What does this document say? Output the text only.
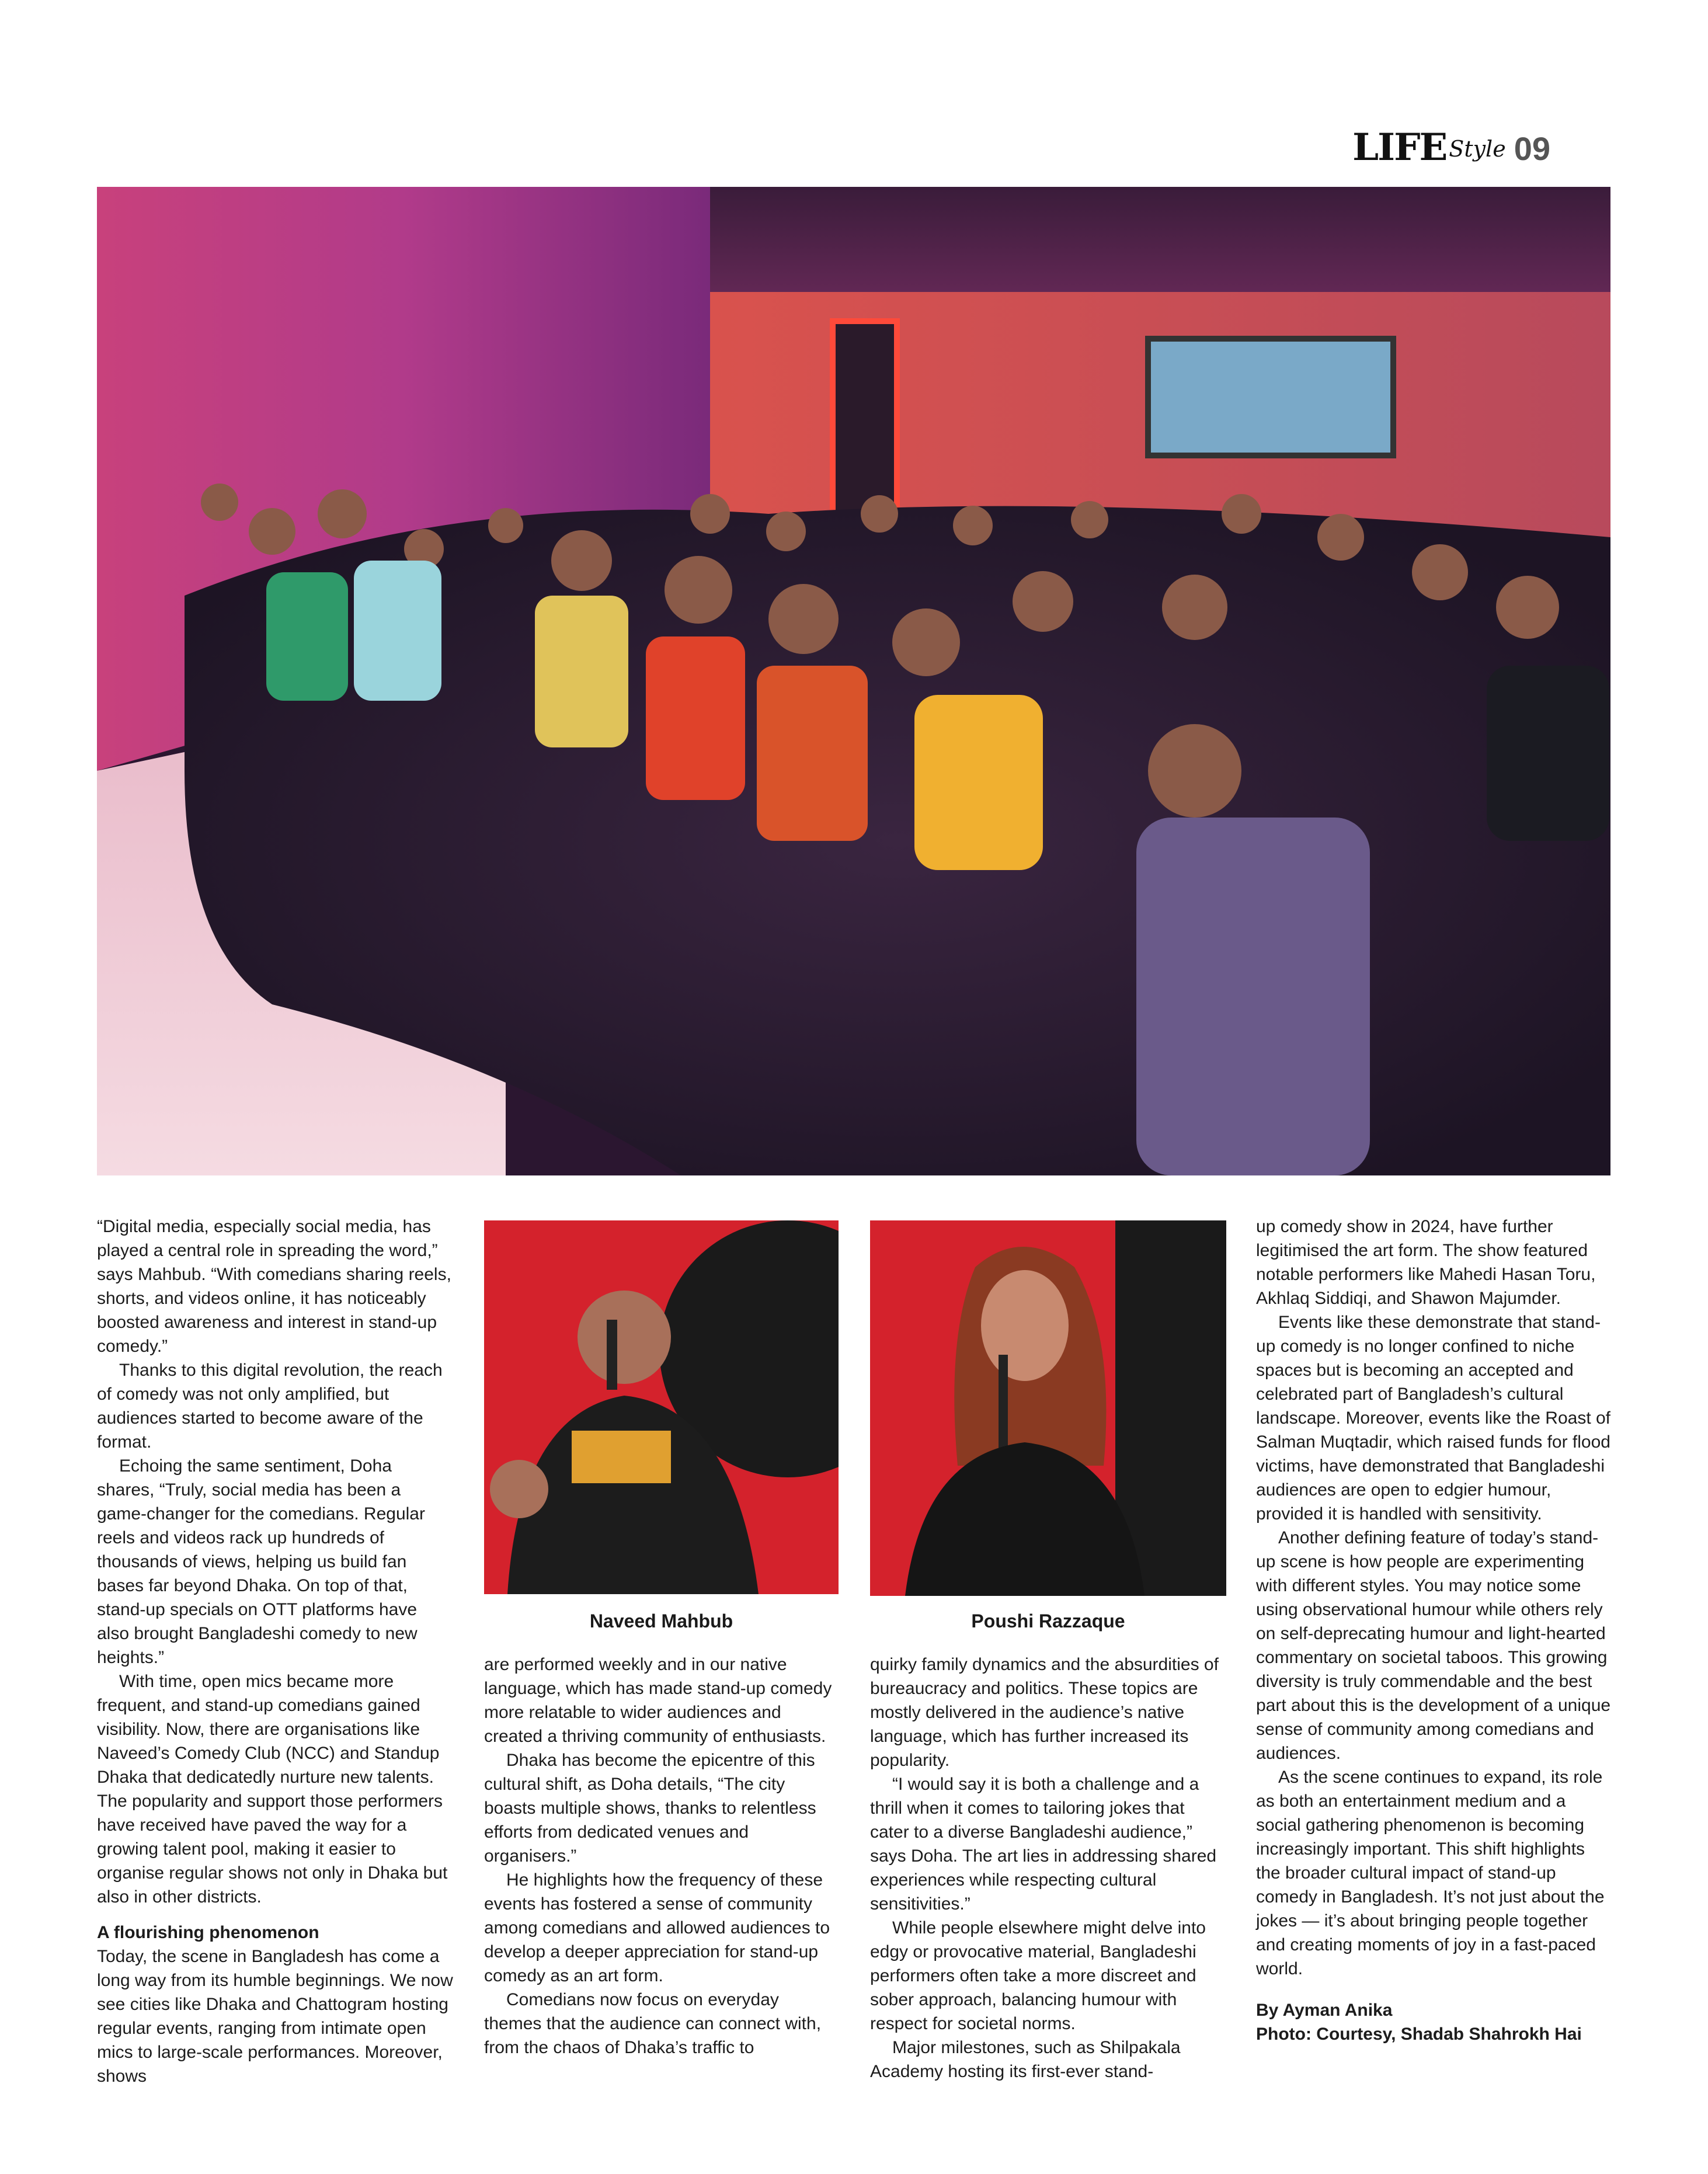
LIFE Style 09

“Digital media, especially social media, has played a central role in spreading the word,” says Mahbub. “With comedians sharing reels, shorts, and videos online, it has noticeably boosted awareness and interest in stand-up comedy.”

Thanks to this digital revolution, the reach of comedy was not only amplified, but audiences started to become aware of the format.

Echoing the same sentiment, Doha shares, “Truly, social media has been a game-changer for the comedians. Regular reels and videos rack up hundreds of thousands of views, helping us build fan bases far beyond Dhaka. On top of that, stand-up specials on OTT platforms have also brought Bangladeshi comedy to new heights.”

With time, open mics became more frequent, and stand-up comedians gained visibility. Now, there are organisations like Naveed’s Comedy Club (NCC) and Standup Dhaka that dedicatedly nurture new talents. The popularity and support those performers have received have paved the way for a growing talent pool, making it easier to organise regular shows not only in Dhaka but also in other districts.

A flourishing phenomenon

Today, the scene in Bangladesh has come a long way from its humble beginnings. We now see cities like Dhaka and Chattogram hosting regular events, ranging from intimate open mics to large-scale performances. Moreover, shows

Naveed Mahbub	Poushi Razzaque

are performed weekly and in our native language, which has made stand-up comedy more relatable to wider audiences and created a thriving community of enthusiasts.

Dhaka has become the epicentre of this cultural shift, as Doha details, “The city boasts multiple shows, thanks to relentless efforts from dedicated venues and organisers.”

He highlights how the frequency of these events has fostered a sense of community among comedians and allowed audiences to develop a deeper appreciation for stand-up comedy as an art form.

Comedians now focus on everyday themes that the audience can connect with, from the chaos of Dhaka’s traffic to

quirky family dynamics and the absurdities of bureaucracy and politics. These topics are mostly delivered in the audience’s native language, which has further increased its popularity.

“I would say it is both a challenge and a thrill when it comes to tailoring jokes that cater to a diverse Bangladeshi audience,” says Doha. The art lies in addressing shared experiences while respecting cultural sensitivities.”

While people elsewhere might delve into edgy or provocative material, Bangladeshi performers often take a more discreet and sober approach, balancing humour with respect for societal norms.

Major milestones, such as Shilpakala Academy hosting its first-ever stand-

up comedy show in 2024, have further legitimised the art form. The show featured notable performers like Mahedi Hasan Toru, Akhlaq Siddiqi, and Shawon Majumder.

Events like these demonstrate that stand-up comedy is no longer confined to niche spaces but is becoming an accepted and celebrated part of Bangladesh’s cultural landscape. Moreover, events like the Roast of Salman Muqtadir, which raised funds for flood victims, have demonstrated that Bangladeshi audiences are open to edgier humour, provided it is handled with sensitivity.

Another defining feature of today’s stand-up scene is how people are experimenting with different styles. You may notice some using observational humour while others rely on self-deprecating humour and light-hearted commentary on societal taboos. This growing diversity is truly commendable and the best part about this is the development of a unique sense of community among comedians and audiences.

As the scene continues to expand, its role as both an entertainment medium and a social gathering phenomenon is becoming increasingly important. This shift highlights the broader cultural impact of stand-up comedy in Bangladesh. It’s not just about the jokes — it’s about bringing people together and creating moments of joy in a fast-paced world.

By Ayman Anika

Photo: Courtesy, Shadab Shahrokh Hai
